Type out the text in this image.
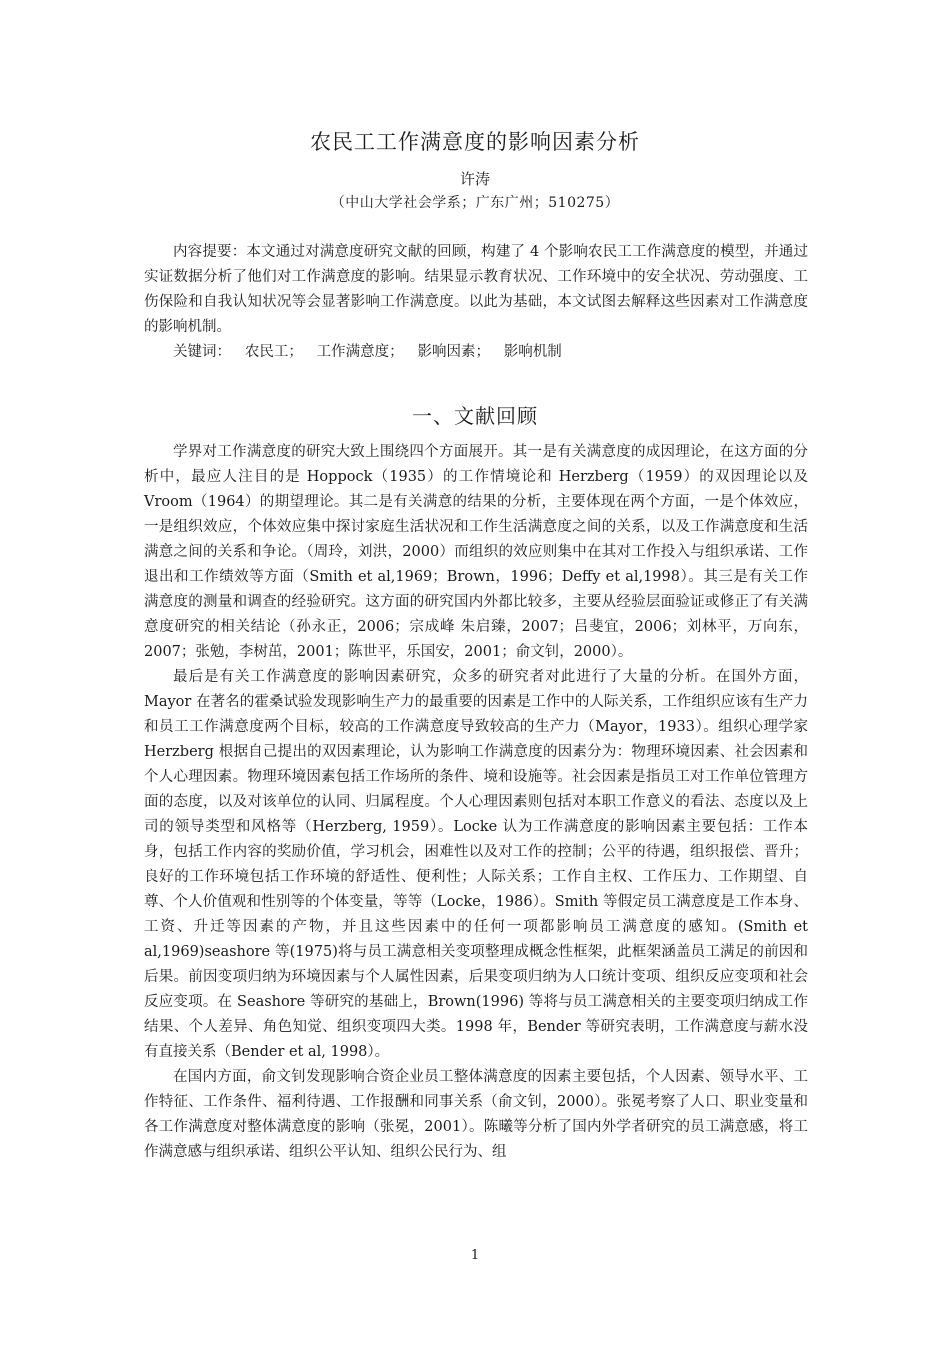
农民工工作满意度的影响因素分析
许涛
（中山大学社会学系；广东广州；510275）

内容提要：本文通过对满意度研究文献的回顾，构建了 4 个影响农民工工作满意度的模型，并通过实证数据分析了他们对工作满意度的影响。结果显示教育状况、工作环境中的安全状况、劳动强度、工伤保险和自我认知状况等会显著影响工作满意度。以此为基础，本文试图去解释这些因素对工作满意度的影响机制。

关键词：   农民工；   工作满意度；   影响因素；   影响机制

一、文献回顾

学界对工作满意度的研究大致上围绕四个方面展开。其一是有关满意度的成因理论，在这方面的分析中，最应人注目的是 Hoppock（1935）的工作情境论和 Herzberg（1959）的双因理论以及 Vroom（1964）的期望理论。其二是有关满意的结果的分析，主要体现在两个方面，一是个体效应，一是组织效应，个体效应集中探讨家庭生活状况和工作生活满意度之间的关系，以及工作满意度和生活满意之间的关系和争论。（周玲，刘洪，2000）而组织的效应则集中在其对工作投入与组织承诺、工作退出和工作绩效等方面（Smith et al,1969；Brown，1996；Deffy et al,1998）。其三是有关工作满意度的测量和调查的经验研究。这方面的研究国内外都比较多，主要从经验层面验证或修正了有关满意度研究的相关结论（孙永正，2006；宗成峰 朱启臻，2007；吕斐宜，2006；刘林平，万向东，2007；张勉，李树茁，2001；陈世平，乐国安，2001；俞文钊，2000）。

最后是有关工作满意度的影响因素研究，众多的研究者对此进行了大量的分析。在国外方面，Mayor 在著名的霍桑试验发现影响生产力的最重要的因素是工作中的人际关系，工作组织应该有生产力和员工工作满意度两个目标，较高的工作满意度导致较高的生产力（Mayor，1933）。组织心理学家 Herzberg 根据自己提出的双因素理论，认为影响工作满意度的因素分为：物理环境因素、社会因素和个人心理因素。物理环境因素包括工作场所的条件、境和设施等。社会因素是指员工对工作单位管理方面的态度，以及对该单位的认同、归属程度。个人心理因素则包括对本职工作意义的看法、态度以及上司的领导类型和风格等（Herzberg, 1959）。Locke 认为工作满意度的影响因素主要包括：工作本身，包括工作内容的奖励价值，学习机会，困难性以及对工作的控制；公平的待遇，组织报偿、晋升；良好的工作环境包括工作环境的舒适性、便利性；人际关系；工作自主权、工作压力、工作期望、自尊、个人价值观和性别等的个体变量，等等（Locke，1986）。Smith 等假定员工满意度是工作本身、工资、升迁等因素的产物，并且这些因素中的任何一项都影响员工满意度的感知。(Smith et al,1969)seashore 等(1975)将与员工满意相关变项整理成概念性框架，此框架涵盖员工满足的前因和后果。前因变项归纳为环境因素与个人属性因素，后果变项归纳为人口统计变项、组织反应变项和社会反应变项。在 Seashore 等研究的基础上，Brown(1996) 等将与员工满意相关的主要变项归纳成工作结果、个人差异、角色知觉、组织变项四大类。1998 年，Bender 等研究表明，工作满意度与薪水没有直接关系（Bender et al, 1998）。

在国内方面，俞文钊发现影响合资企业员工整体满意度的因素主要包括，个人因素、领导水平、工作特征、工作条件、福利待遇、工作报酬和同事关系（俞文钊，2000）。张冕考察了人口、职业变量和各工作满意度对整体满意度的影响（张冕，2001）。陈曦等分析了国内外学者研究的员工满意感，将工作满意感与组织承诺、组织公平认知、组织公民行为、组

1
